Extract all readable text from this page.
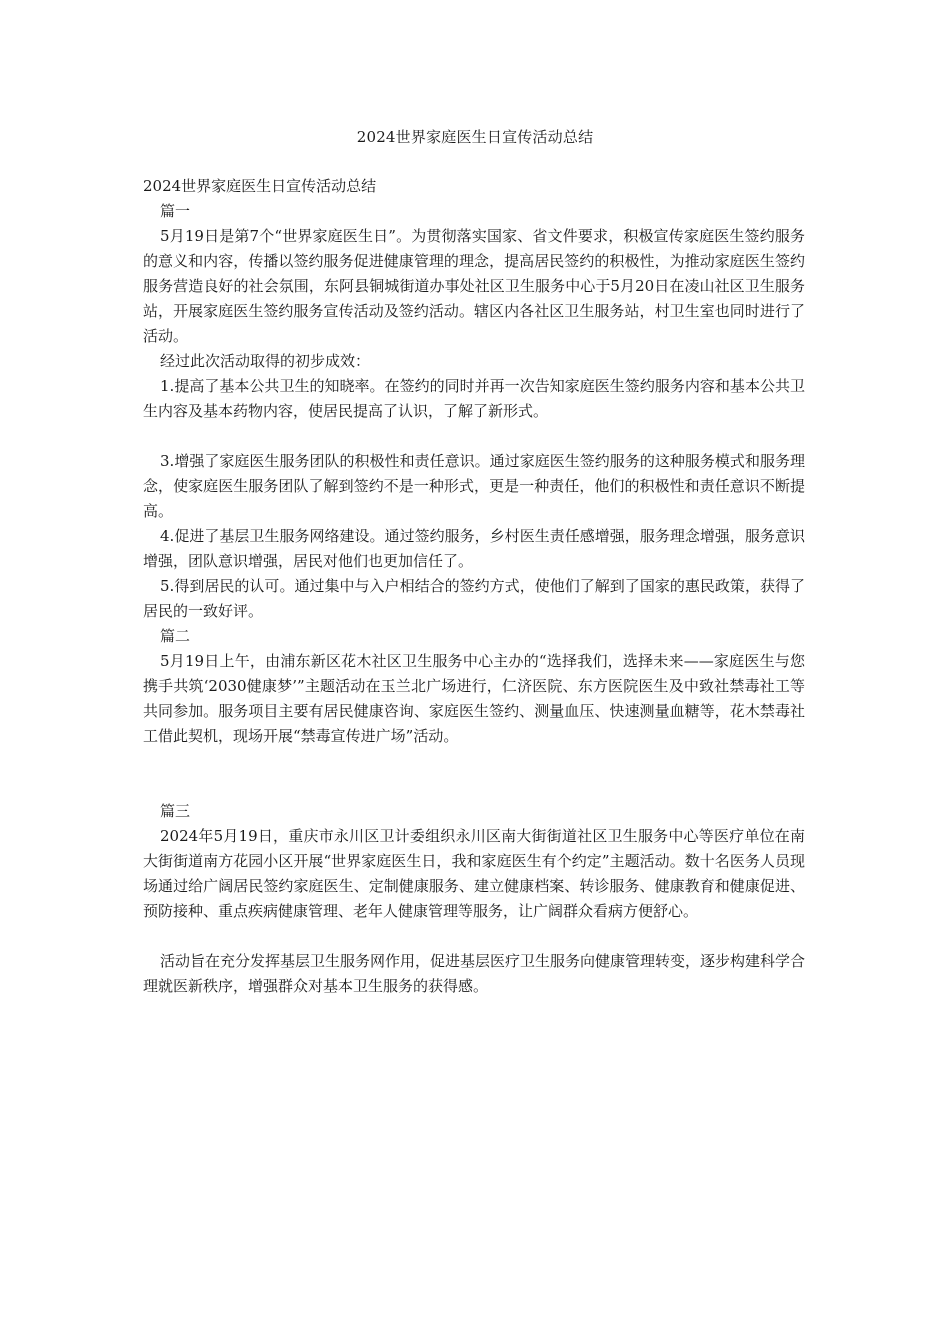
2024世界家庭医生日宣传活动总结

2024世界家庭医生日宣传活动总结

篇一

5月19日是第7个“世界家庭医生日”。为贯彻落实国家、省文件要求，积极宣传家庭医生签约服务的意义和内容，传播以签约服务促进健康管理的理念，提高居民签约的积极性，为推动家庭医生签约服务营造良好的社会氛围，东阿县铜城街道办事处社区卫生服务中心于5月20日在凌山社区卫生服务站，开展家庭医生签约服务宣传活动及签约活动。辖区内各社区卫生服务站，村卫生室也同时进行了活动。

经过此次活动取得的初步成效：

1.提高了基本公共卫生的知晓率。在签约的同时并再一次告知家庭医生签约服务内容和基本公共卫生内容及基本药物内容，使居民提高了认识，了解了新形式。

3.增强了家庭医生服务团队的积极性和责任意识。通过家庭医生签约服务的这种服务模式和服务理念，使家庭医生服务团队了解到签约不是一种形式，更是一种责任，他们的积极性和责任意识不断提高。

4.促进了基层卫生服务网络建设。通过签约服务，乡村医生责任感增强，服务理念增强，服务意识增强，团队意识增强，居民对他们也更加信任了。

5.得到居民的认可。通过集中与入户相结合的签约方式，使他们了解到了国家的惠民政策，获得了居民的一致好评。

篇二

5月19日上午，由浦东新区花木社区卫生服务中心主办的“选择我们，选择未来——家庭医生与您携手共筑‘2030健康梦’”主题活动在玉兰北广场进行，仁济医院、东方医院医生及中致社禁毒社工等共同参加。服务项目主要有居民健康咨询、家庭医生签约、测量血压、快速测量血糖等，花木禁毒社工借此契机，现场开展“禁毒宣传进广场”活动。

篇三

2024年5月19日，重庆市永川区卫计委组织永川区南大街街道社区卫生服务中心等医疗单位在南大街街道南方花园小区开展“世界家庭医生日，我和家庭医生有个约定”主题活动。数十名医务人员现场通过给广阔居民签约家庭医生、定制健康服务、建立健康档案、转诊服务、健康教育和健康促进、预防接种、重点疾病健康管理、老年人健康管理等服务，让广阔群众看病方便舒心。

活动旨在充分发挥基层卫生服务网作用，促进基层医疗卫生服务向健康管理转变，逐步构建科学合理就医新秩序，增强群众对基本卫生服务的获得感。
